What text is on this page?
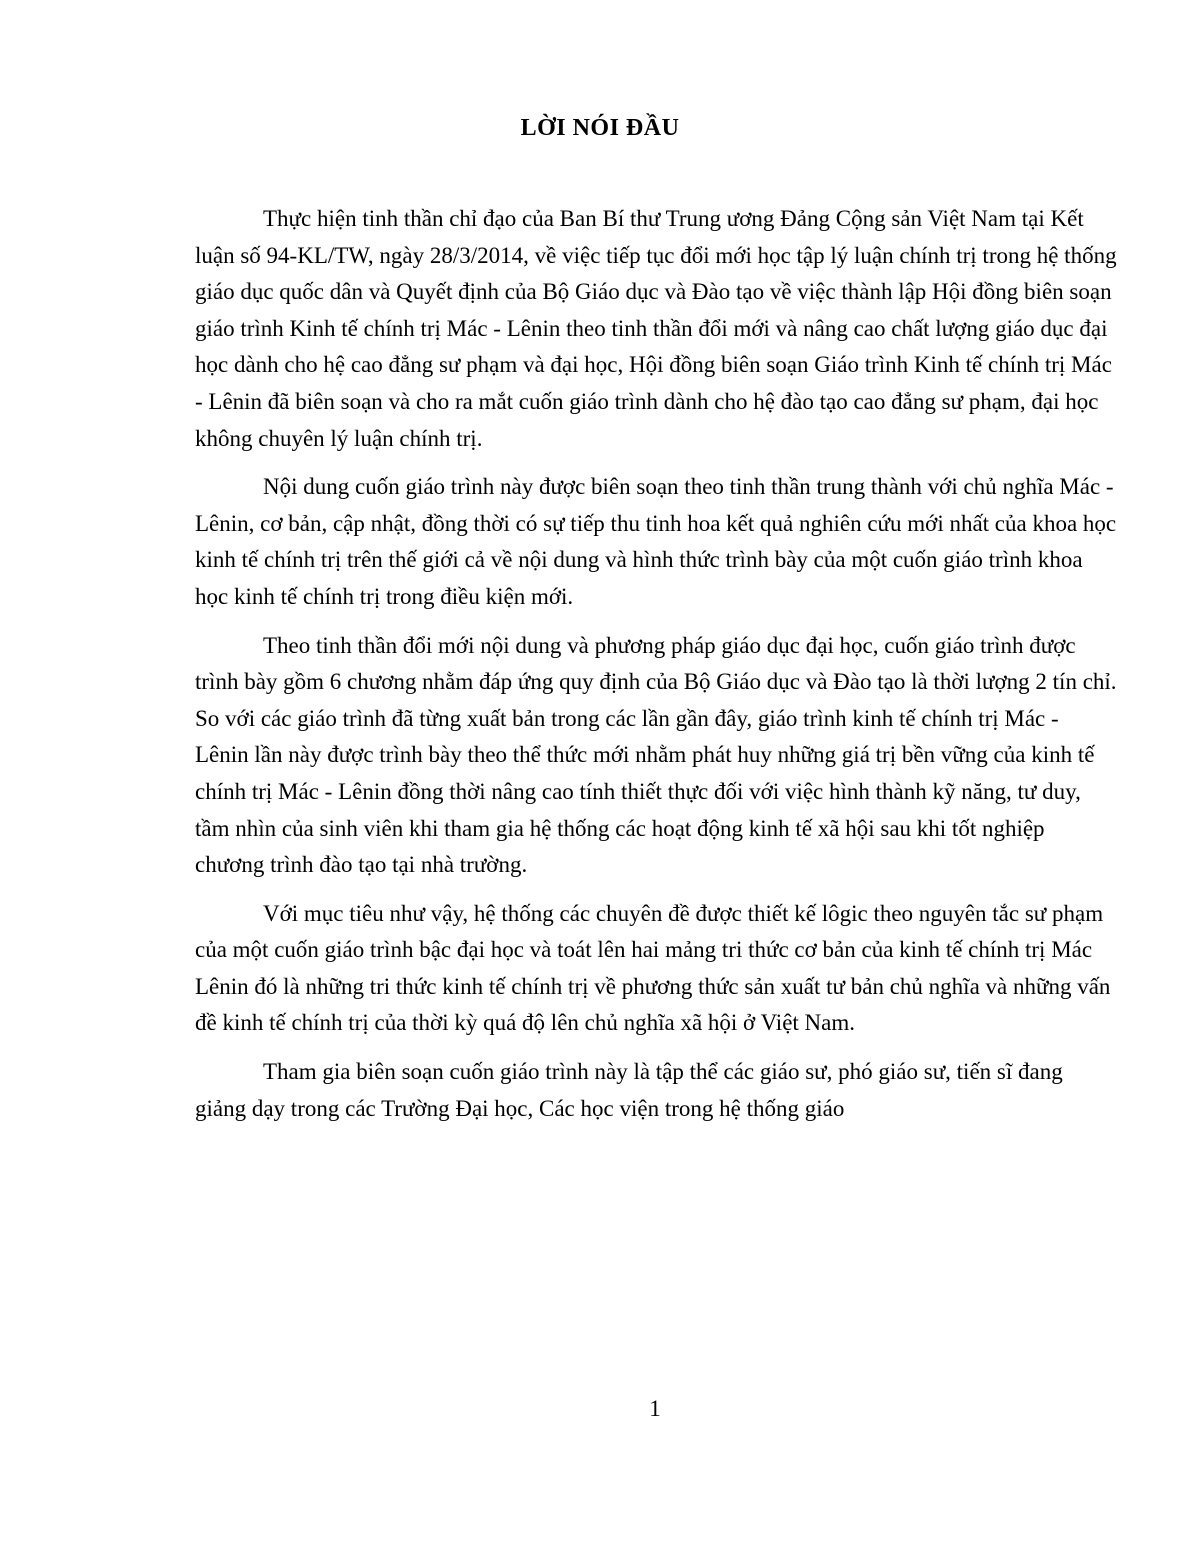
LỜI NÓI ĐẦU
Thực hiện tinh thần chỉ đạo của Ban Bí thư Trung ương Đảng Cộng sản Việt Nam tại Kết luận số 94-KL/TW, ngày 28/3/2014, về việc tiếp tục đổi mới học tập lý luận chính trị trong hệ thống giáo dục quốc dân và Quyết định của Bộ Giáo dục và Đào tạo về việc thành lập Hội đồng biên soạn giáo trình Kinh tế chính trị Mác - Lênin theo tinh thần đổi mới và nâng cao chất lượng giáo dục đại học dành cho hệ cao đẳng sư phạm và đại học, Hội đồng biên soạn Giáo trình Kinh tế chính trị Mác - Lênin đã biên soạn và cho ra mắt cuốn giáo trình dành cho hệ đào tạo cao đẳng sư phạm, đại học không chuyên lý luận chính trị.
Nội dung cuốn giáo trình này được biên soạn theo tinh thần trung thành với chủ nghĩa Mác - Lênin, cơ bản, cập nhật, đồng thời có sự tiếp thu tinh hoa kết quả nghiên cứu mới nhất của khoa học kinh tế chính trị trên thế giới cả về nội dung và hình thức trình bày của một cuốn giáo trình khoa học kinh tế chính trị trong điều kiện mới.
Theo tinh thần đổi mới nội dung và phương pháp giáo dục đại học, cuốn giáo trình được trình bày gồm 6 chương nhằm đáp ứng quy định của Bộ Giáo dục và Đào tạo là thời lượng 2 tín chỉ. So với các giáo trình đã từng xuất bản trong các lần gần đây, giáo trình kinh tế chính trị Mác - Lênin lần này được trình bày theo thể thức mới nhằm phát huy những giá trị bền vững của kinh tế chính trị Mác - Lênin đồng thời nâng cao tính thiết thực đối với việc hình thành kỹ năng, tư duy, tầm nhìn của sinh viên khi tham gia hệ thống các hoạt động kinh tế xã hội sau khi tốt nghiệp chương trình đào tạo tại nhà trường.
Với mục tiêu như vậy, hệ thống các chuyên đề được thiết kế lôgic theo nguyên tắc sư phạm của một cuốn giáo trình bậc đại học và toát lên hai mảng tri thức cơ bản của kinh tế chính trị Mác Lênin đó là những tri thức kinh tế chính trị về phương thức sản xuất tư bản chủ nghĩa và những vấn đề kinh tế chính trị của thời kỳ quá độ lên chủ nghĩa xã hội ở Việt Nam.
Tham gia biên soạn cuốn giáo trình này là tập thể các giáo sư, phó giáo sư, tiến sĩ đang giảng dạy trong các Trường Đại học, Các học viện trong hệ thống giáo
1
